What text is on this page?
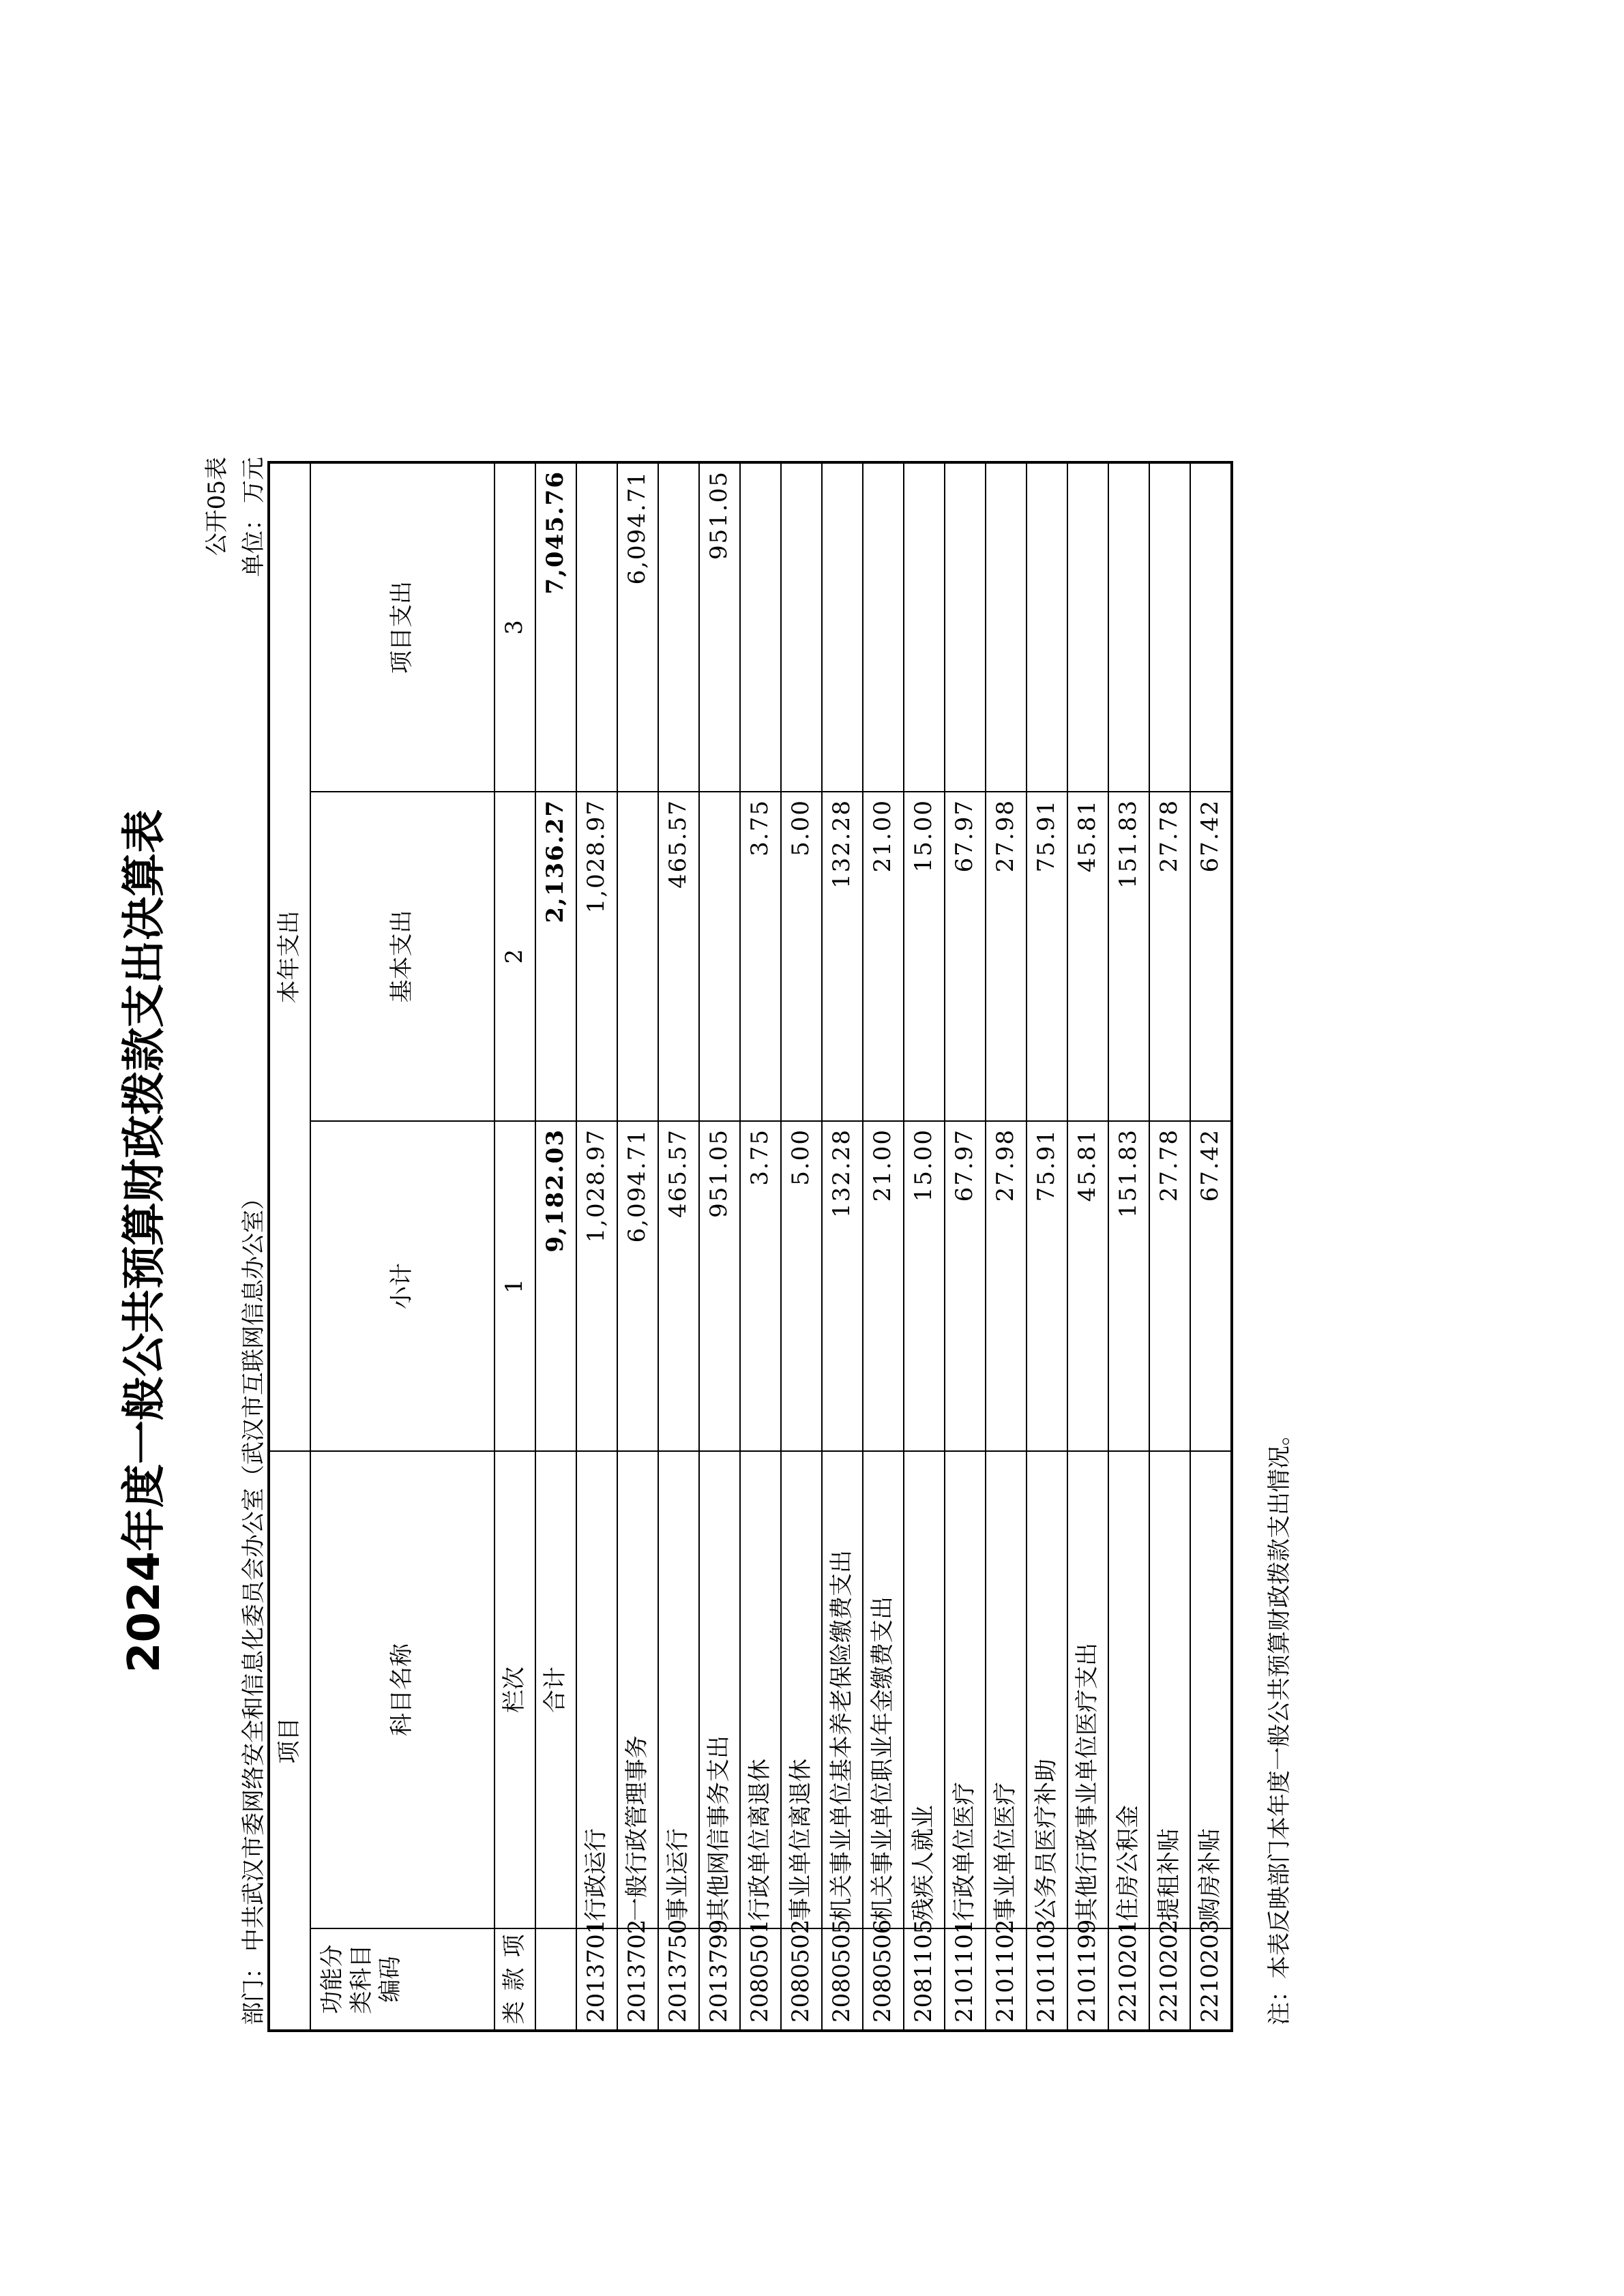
2024年度一般公共预算财政拨款支出决算表
公开05表 单位：万元
部门：中共武汉市委网络安全和信息化委员会办公室（武汉市互联网信息办公室） 项目		本年支出		

功能分类科目编码	科目名称	小计	基本支出	项目支出

类
款
项	栏次	1	2	3
	合计	9,182.03	2,136.27	7,045.76
2013701	行政运行	1,028.97	1,028.97	
2013702	一般行政管理事务	6,094.71		6,094.71
2013750	事业运行	465.57	465.57	
2013799	其他网信事务支出	951.05		951.05
2080501	行政单位离退休	3.75	3.75	
2080502	事业单位离退休	5.00	5.00	
2080505	机关事业单位基本养老保险缴费支出	132.28	132.28	
2080506	机关事业单位职业年金缴费支出	21.00	21.00	
2081105	残疾人就业	15.00	15.00	
2101101	行政单位医疗	67.97	67.97	
2101102	事业单位医疗	27.98	27.98	
2101103	公务员医疗补助	75.91	75.91	
2101199	其他行政事业单位医疗支出	45.81	45.81	
2210201	住房公积金	151.83	151.83	
2210202	提租补贴	27.78	27.78	
2210203	购房补贴	67.42	67.42	
注：本表反映部门本年度一般公共预算财政拨款支出情况。
